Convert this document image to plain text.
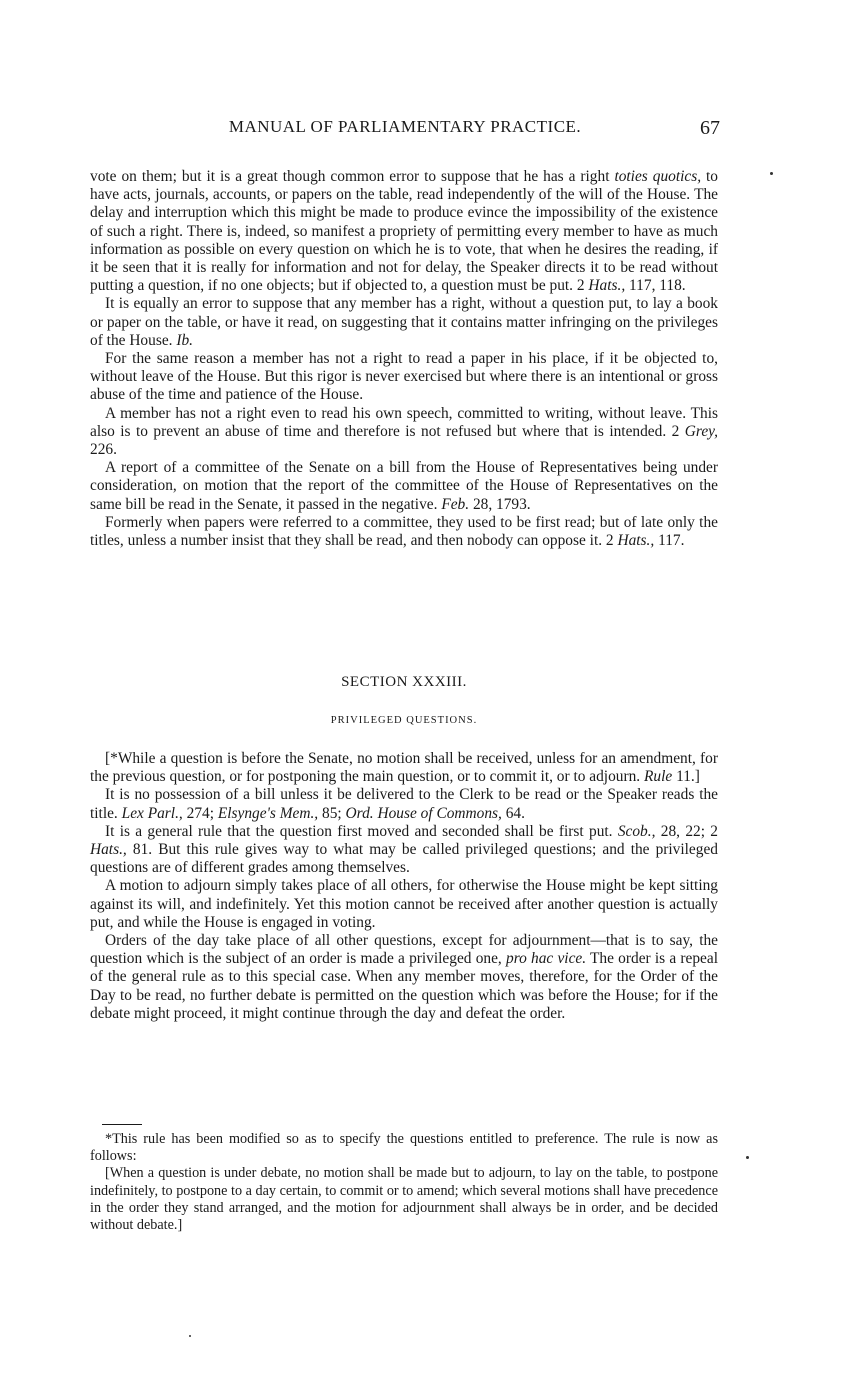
MANUAL OF PARLIAMENTARY PRACTICE.	67

vote on them; but it is a great though common error to suppose that he has a right toties quotics, to have acts, journals, accounts, or papers on the table, read independently of the will of the House. The delay and interruption which this might be made to produce evince the impossibility of the existence of such a right. There is, indeed, so manifest a propriety of permitting every member to have as much information as possible on every question on which he is to vote, that when he desires the reading, if it be seen that it is really for information and not for delay, the Speaker directs it to be read without putting a question, if no one objects; but if objected to, a question must be put. 2 Hats., 117, 118.

It is equally an error to suppose that any member has a right, without a question put, to lay a book or paper on the table, or have it read, on suggesting that it contains matter infringing on the privileges of the House. Ib.

For the same reason a member has not a right to read a paper in his place, if it be objected to, without leave of the House. But this rigor is never exercised but where there is an intentional or gross abuse of the time and patience of the House.

A member has not a right even to read his own speech, committed to writing, without leave. This also is to prevent an abuse of time and therefore is not refused but where that is intended. 2 Grey, 226.

A report of a committee of the Senate on a bill from the House of Representatives being under consideration, on motion that the report of the committee of the House of Representatives on the same bill be read in the Senate, it passed in the negative. Feb. 28, 1793.

Formerly when papers were referred to a committee, they used to be first read; but of late only the titles, unless a number insist that they shall be read, and then nobody can oppose it. 2 Hats., 117.

SECTION XXXIII.
PRIVILEGED QUESTIONS.

[*While a question is before the Senate, no motion shall be received, unless for an amendment, for the previous question, or for postponing the main question, or to commit it, or to adjourn. Rule 11.]

It is no possession of a bill unless it be delivered to the Clerk to be read or the Speaker reads the title. Lex Parl., 274; Elsynge's Mem., 85; Ord. House of Commons, 64.

It is a general rule that the question first moved and seconded shall be first put. Scob., 28, 22; 2 Hats., 81. But this rule gives way to what may be called privileged questions; and the privileged questions are of different grades among themselves.

A motion to adjourn simply takes place of all others, for otherwise the House might be kept sitting against its will, and indefinitely. Yet this motion cannot be received after another question is actually put, and while the House is engaged in voting.

Orders of the day take place of all other questions, except for adjournment—that is to say, the question which is the subject of an order is made a privileged one, pro hac vice. The order is a repeal of the general rule as to this special case. When any member moves, therefore, for the Order of the Day to be read, no further debate is permitted on the question which was before the House; for if the debate might proceed, it might continue through the day and defeat the order.

*This rule has been modified so as to specify the questions entitled to preference. The rule is now as follows:

[When a question is under debate, no motion shall be made but to adjourn, to lay on the table, to postpone indefinitely, to postpone to a day certain, to commit or to amend; which several motions shall have precedence in the order they stand arranged, and the motion for adjournment shall always be in order, and be decided without debate.]
